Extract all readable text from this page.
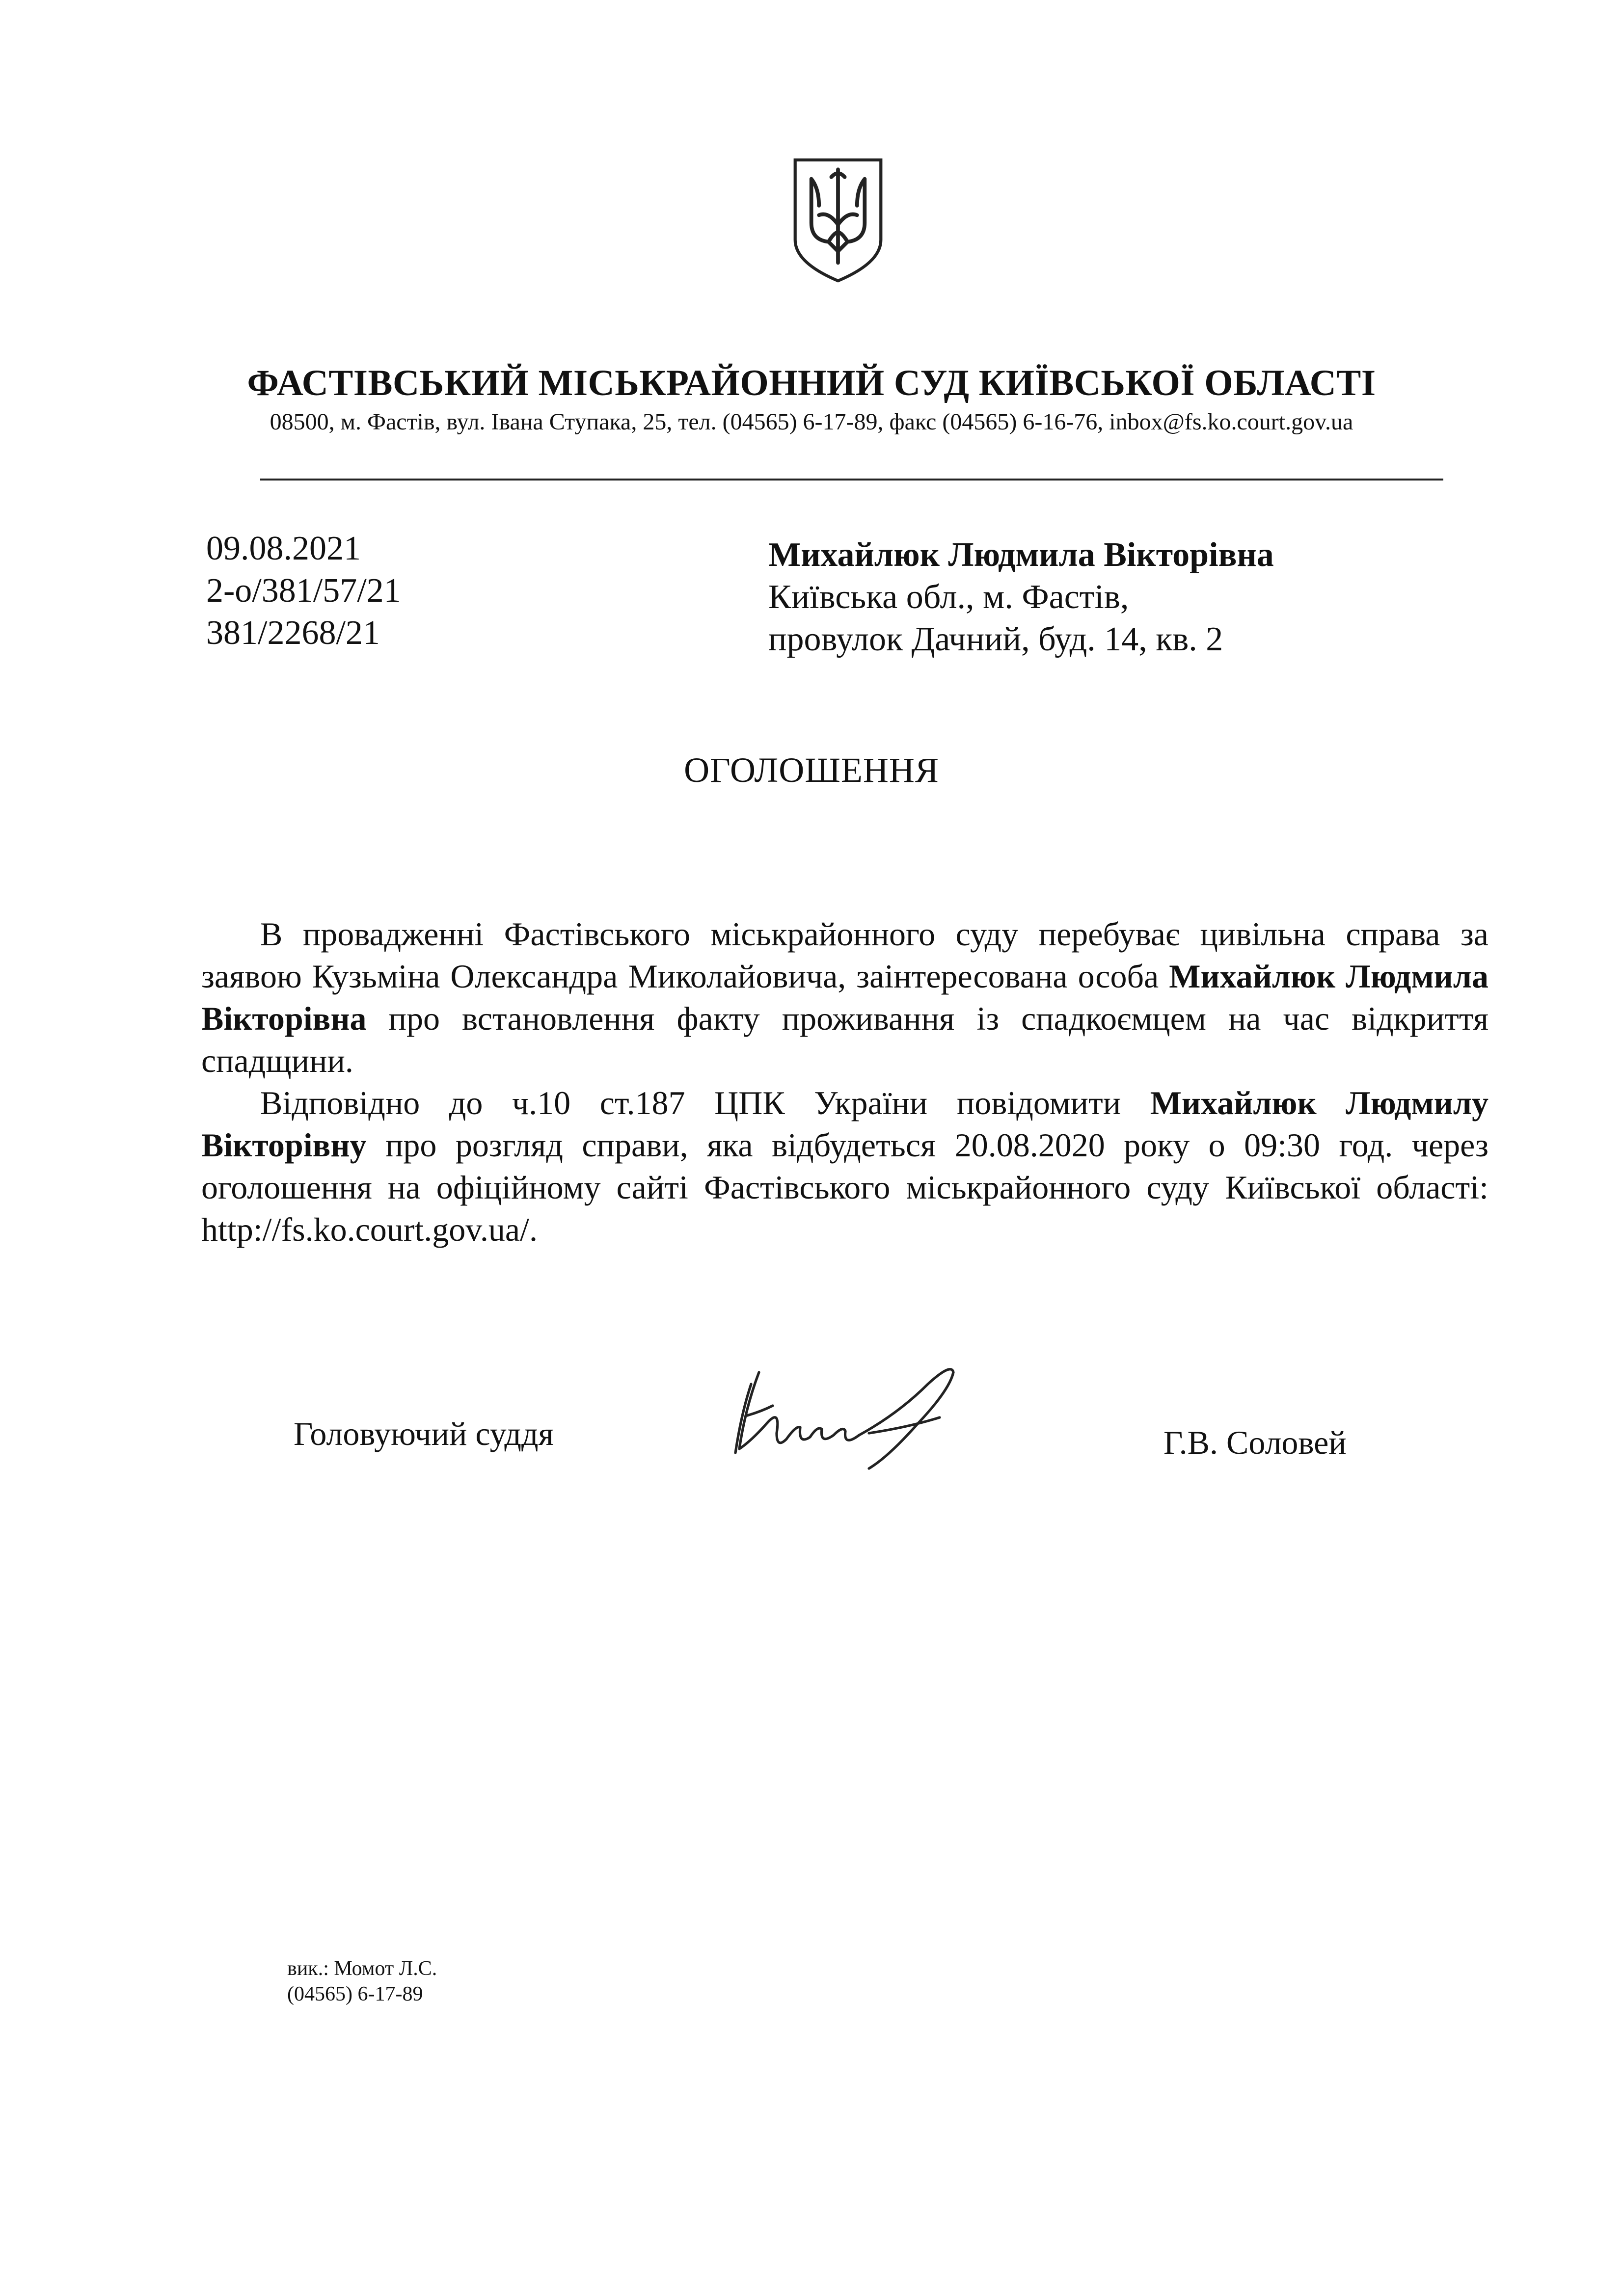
ФАСТІВСЬКИЙ МІСЬКРАЙОННИЙ СУД КИЇВСЬКОЇ ОБЛАСТІ
08500, м. Фастів, вул. Івана Ступака, 25, тел. (04565) 6-17-89, факс (04565) 6-16-76, inbox@fs.ko.court.gov.ua
09.08.2021
2-о/381/57/21
381/2268/21
Михайлюк Людмила Вікторівна
Київська обл., м. Фастів,
провулок Дачний, буд. 14, кв. 2
ОГОЛОШЕННЯ

В провадженні Фастівського міськрайонного суду перебуває цивільна справа за заявою Кузьміна Олександра Миколайовича, заінтересована особа Михайлюк Людмила Вікторівна про встановлення факту проживання із спадкоємцем на час відкриття спадщини.

Відповідно до ч.10 ст.187 ЦПК України повідомити Михайлюк Людмилу Вікторівну про розгляд справи, яка відбудеться 20.08.2020 року о 09:30 год. через оголошення на офіційному сайті Фастівського міськрайонного суду Київської області: http://fs.ko.court.gov.ua/.

Головуючий суддя	Г.В. Соловей
вик.: Момот Л.С.
(04565) 6-17-89
